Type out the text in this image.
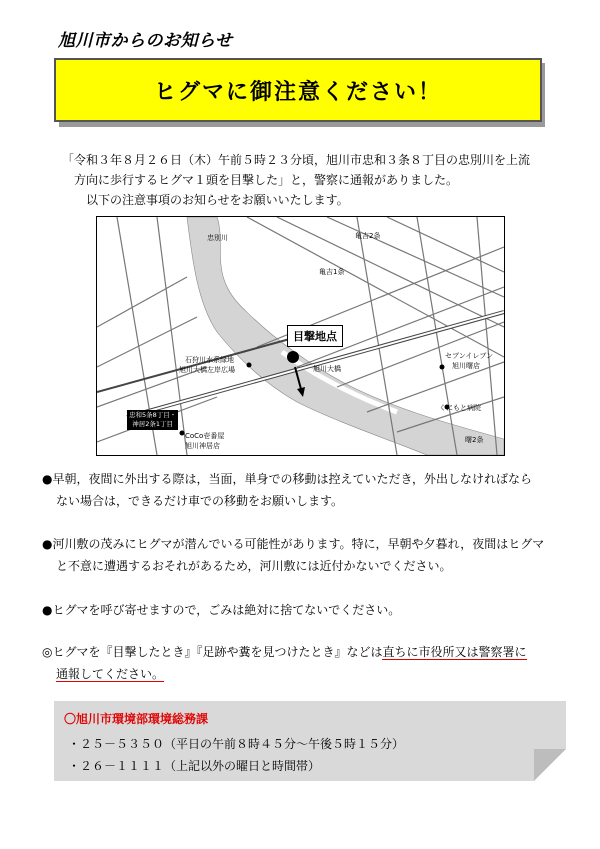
旭川市からのお知らせ
ヒグマに御注意ください！

「令和３年８月２６日（木）午前５時２３分頃，旭川市忠和３条８丁目の忠別川を上流

方向に歩行するヒグマ１頭を目撃した」と，警察に通報がありました。

以下の注意事項のお知らせをお願いいたします。

忠別川	亀吉2条
亀吉1条
石狩川水系緑地
旭川大橋左岸広場	旭川大橋
セブンイレブン
旭川曙店
くにもと病院
曙2条
CoCo壱番屋
旭川神居店
忠和5条8丁目・
神居2条1丁目
目撃地点

●早朝，夜間に外出する際は，当面，単身での移動は控えていただき，外出しなければなら

ない場合は，できるだけ車での移動をお願いします。

●河川敷の茂みにヒグマが潜んでいる可能性があります。特に，早朝や夕暮れ，夜間はヒグマ

と不意に遭遇するおそれがあるため，河川敷には近付かないでください。

●ヒグマを呼び寄せますので，ごみは絶対に捨てないでください。

◎ヒグマを『目撃したとき』『足跡や糞を見つけたとき』などは直ちに市役所又は警察署に

通報してください。

〇旭川市環境部環境総務課
・２５－５３５０（平日の午前８時４５分～午後５時１５分）
・２６－１１１１（上記以外の曜日と時間帯）
